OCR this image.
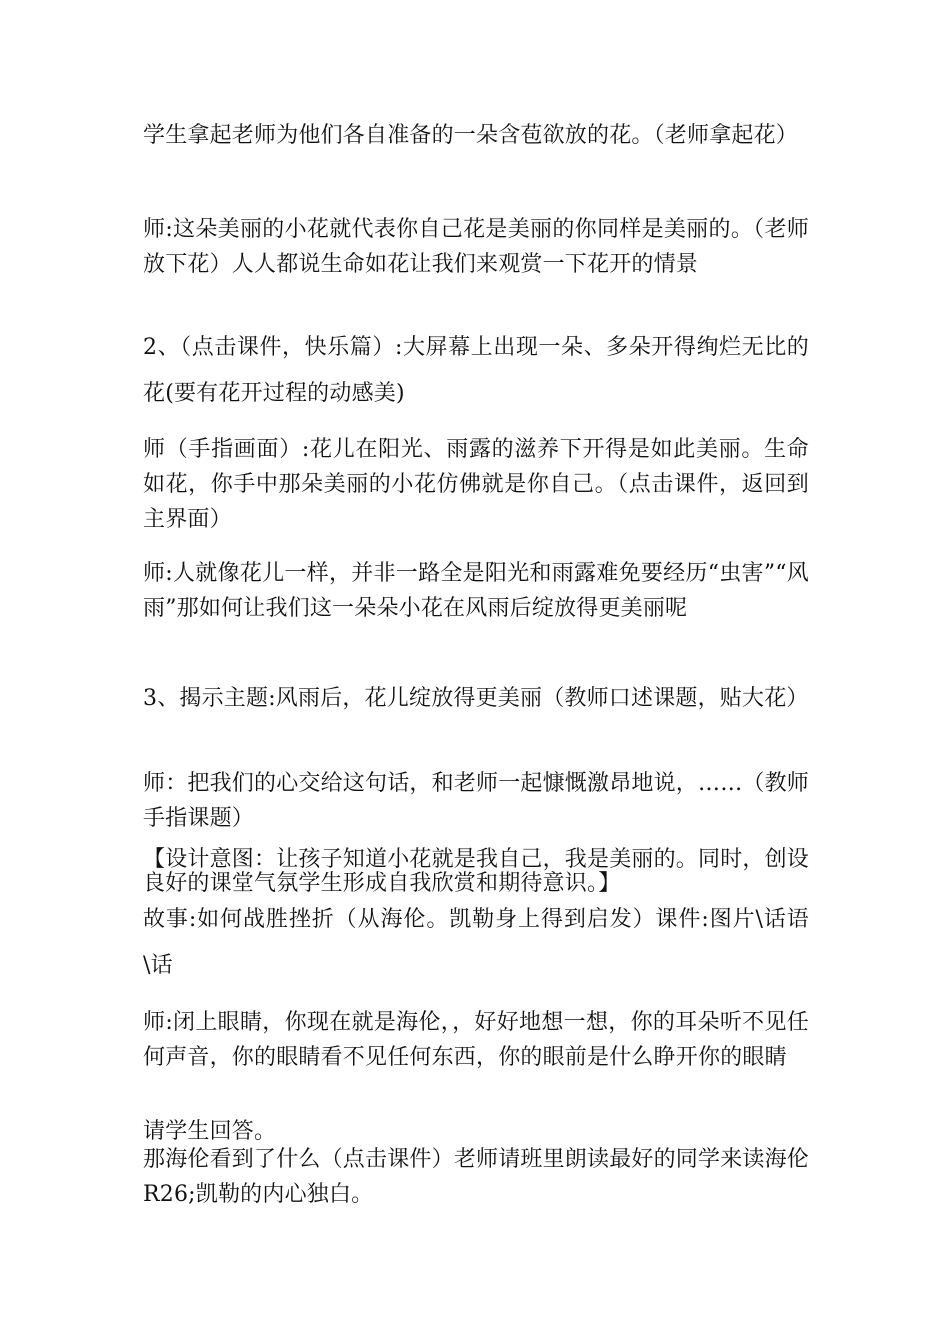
学生拿起老师为他们各自准备的一朵含苞欲放的花。（老师拿起花）

师:这朵美丽的小花就代表你自己花是美丽的你同样是美丽的。（老师放下花）人人都说生命如花让我们来观赏一下花开的情景

2、（点击课件，快乐篇）:大屏幕上出现一朵、多朵开得绚烂无比的花(要有花开过程的动感美)

师（手指画面）:花儿在阳光、雨露的滋养下开得是如此美丽。生命如花，你手中那朵美丽的小花仿佛就是你自己。（点击课件，返回到主界面）

师:人就像花儿一样，并非一路全是阳光和雨露难免要经历“虫害”“风雨”那如何让我们这一朵朵小花在风雨后绽放得更美丽呢

3、揭示主题:风雨后，花儿绽放得更美丽（教师口述课题，贴大花）

师：把我们的心交给这句话，和老师一起慷慨激昂地说，……（教师手指课题）

【设计意图：让孩子知道小花就是我自己，我是美丽的。同时，创设良好的课堂气氛学生形成自我欣赏和期待意识。】

故事:如何战胜挫折（从海伦。凯勒身上得到启发）课件:图片\话语\话

师:闭上眼睛，你现在就是海伦，，好好地想一想，你的耳朵听不见任何声音，你的眼睛看不见任何东西，你的眼前是什么睁开你的眼睛

请学生回答。

那海伦看到了什么（点击课件）老师请班里朗读最好的同学来读海伦 R26;凯勒的内心独白。
